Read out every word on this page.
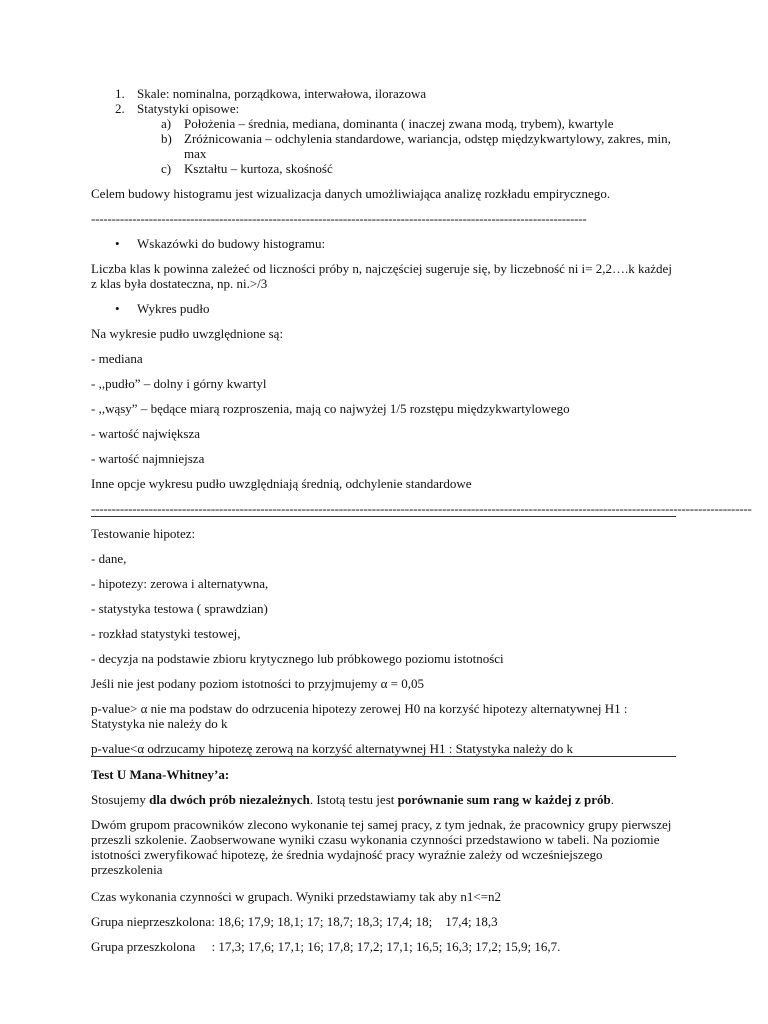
1. Skale: nominalna, porządkowa, interwałowa, ilorazowa
2. Statystyki opisowe:
a) Położenia – średnia, mediana, dominanta ( inaczej zwana modą, trybem), kwartyle
b) Zróżnicowania – odchylenia standardowe, wariancja, odstęp międzykwartylowy, zakres, min, max
c) Kształtu – kurtoza, skośność

Celem budowy histogramu jest wizualizacja danych umożliwiająca analizę rozkładu empirycznego.

------------------------------------------------------------------------------------------------------------------------
• Wskazówki do budowy histogramu:

Liczba klas k powinna zależeć od liczności próby n, najczęściej sugeruje się, by liczebność ni i= 2,2….k każdej z klas była dostateczna, np. ni.>/3

• Wykres pudło

Na wykresie pudło uwzględnione są:

- mediana

- ,,pudło” – dolny i górny kwartyl

- ,,wąsy” – będące miarą rozproszenia, mają co najwyżej 1/5 rozstępu międzykwartylowego

- wartość największa

- wartość najmniejsza

Inne opcje wykresu pudło uwzględniają średnią, odchylenie standardowe

----------------------------------------------------------------------------------------------------------------------------------------------------------------

Testowanie hipotez:

- dane,

- hipotezy: zerowa i alternatywna,

- statystyka testowa ( sprawdzian)

- rozkład statystyki testowej,

- decyzja na podstawie zbioru krytycznego lub próbkowego poziomu istotności

Jeśli nie jest podany poziom istotności to przyjmujemy α = 0,05

p-value> α nie ma podstaw do odrzucenia hipotezy zerowej H0 na korzyść hipotezy alternatywnej H1 : Statystyka nie należy do k

p-value<α odrzucamy hipotezę zerową na korzyść alternatywnej H1 : Statystyka należy do k

Test U Mana-Whitney’a:

Stosujemy dla dwóch prób niezależnych. Istotą testu jest porównanie sum rang w każdej z prób.

Dwóm grupom pracowników zlecono wykonanie tej samej pracy, z tym jednak, że pracownicy grupy pierwszej przeszli szkolenie. Zaobserwowane wyniki czasu wykonania czynności przedstawiono w tabeli. Na poziomie istotności zweryfikować hipotezę, że średnia wydajność pracy wyraźnie zależy od wcześniejszego przeszkolenia

Czas wykonania czynności w grupach. Wyniki przedstawiamy tak aby n1<=n2

Grupa nieprzeszkolona: 18,6; 17,9; 18,1; 17; 18,7; 18,3; 17,4; 18;    17,4; 18,3

Grupa przeszkolona     : 17,3; 17,6; 17,1; 16; 17,8; 17,2; 17,1; 16,5; 16,3; 17,2; 15,9; 16,7.
